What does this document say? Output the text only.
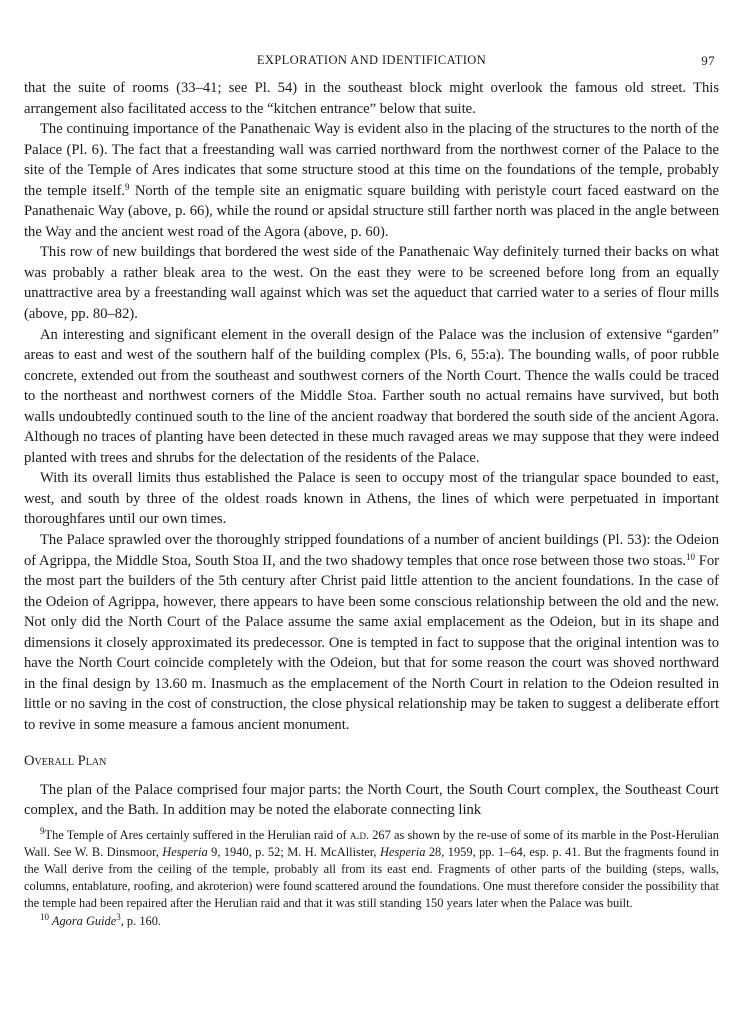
EXPLORATION AND IDENTIFICATION	97

that the suite of rooms (33–41; see Pl. 54) in the southeast block might overlook the famous old street. This arrangement also facilitated access to the “kitchen entrance” below that suite.

The continuing importance of the Panathenaic Way is evident also in the placing of the structures to the north of the Palace (Pl. 6). The fact that a freestanding wall was carried northward from the northwest corner of the Palace to the site of the Temple of Ares indicates that some structure stood at this time on the foundations of the temple, probably the temple itself.$^9$ North of the temple site an enigmatic square building with peristyle court faced eastward on the Panathenaic Way (above, p. 66), while the round or apsidal structure still farther north was placed in the angle between the Way and the ancient west road of the Agora (above, p. 60).

This row of new buildings that bordered the west side of the Panathenaic Way definitely turned their backs on what was probably a rather bleak area to the west. On the east they were to be screened before long from an equally unattractive area by a freestanding wall against which was set the aqueduct that carried water to a series of flour mills (above, pp. 80–82).

An interesting and significant element in the overall design of the Palace was the inclusion of extensive “garden” areas to east and west of the southern half of the building complex (Pls. 6, 55:a). The bounding walls, of poor rubble concrete, extended out from the southeast and southwest corners of the North Court. Thence the walls could be traced to the northeast and northwest corners of the Middle Stoa. Farther south no actual remains have survived, but both walls undoubtedly continued south to the line of the ancient roadway that bordered the south side of the ancient Agora. Although no traces of planting have been detected in these much ravaged areas we may suppose that they were indeed planted with trees and shrubs for the delectation of the residents of the Palace.

With its overall limits thus established the Palace is seen to occupy most of the triangular space bounded to east, west, and south by three of the oldest roads known in Athens, the lines of which were perpetuated in important thoroughfares until our own times.

The Palace sprawled over the thoroughly stripped foundations of a number of ancient buildings (Pl. 53): the Odeion of Agrippa, the Middle Stoa, South Stoa II, and the two shadowy temples that once rose between those two stoas.$^{10}$ For the most part the builders of the 5th century after Christ paid little attention to the ancient foundations. In the case of the Odeion of Agrippa, however, there appears to have been some conscious relationship between the old and the new. Not only did the North Court of the Palace assume the same axial emplacement as the Odeion, but in its shape and dimensions it closely approximated its predecessor. One is tempted in fact to suppose that the original intention was to have the North Court coincide completely with the Odeion, but that for some reason the court was shoved northward in the final design by 13.60 m. Inasmuch as the emplacement of the North Court in relation to the Odeion resulted in little or no saving in the cost of construction, the close physical relationship may be taken to suggest a deliberate effort to revive in some measure a famous ancient monument.

Overall Plan

The plan of the Palace comprised four major parts: the North Court, the South Court complex, the Southeast Court complex, and the Bath. In addition may be noted the elaborate connecting link

$^9$The Temple of Ares certainly suffered in the Herulian raid of a.d. 267 as shown by the re-use of some of its marble in the Post-Herulian Wall. See W. B. Dinsmoor, Hesperia 9, 1940, p. 52; M. H. McAllister, Hesperia 28, 1959, pp. 1–64, esp. p. 41. But the fragments found in the Wall derive from the ceiling of the temple, probably all from its east end. Fragments of other parts of the building (steps, walls, columns, entablature, roofing, and akroterion) were found scattered around the foundations. One must therefore consider the possibility that the temple had been repaired after the Herulian raid and that it was still standing 150 years later when the Palace was built.

$^{10}$ Agora Guide$^3$, p. 160.
